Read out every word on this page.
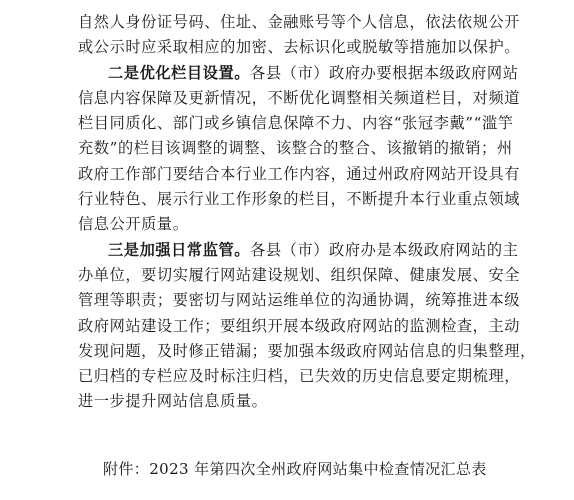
自然人身份证号码、住址、金融账号等个人信息，依法依规公开
或公示时应采取相应的加密、去标识化或脱敏等措施加以保护。
二是优化栏目设置。各县（市）政府办要根据本级政府网站
信息内容保障及更新情况，不断优化调整相关频道栏目，对频道
栏目同质化、部门或乡镇信息保障不力、内容“张冠李戴”“滥竽
充数”的栏目该调整的调整、该整合的整合、该撤销的撤销；州
政府工作部门要结合本行业工作内容，通过州政府网站开设具有
行业特色、展示行业工作形象的栏目，不断提升本行业重点领域
信息公开质量。
三是加强日常监管。各县（市）政府办是本级政府网站的主
办单位，要切实履行网站建设规划、组织保障、健康发展、安全
管理等职责；要密切与网站运维单位的沟通协调，统筹推进本级
政府网站建设工作；要组织开展本级政府网站的监测检查，主动
发现问题，及时修正错漏；要加强本级政府网站信息的归集整理，
已归档的专栏应及时标注归档，已失效的历史信息要定期梳理，
进一步提升网站信息质量。
附件：2023 年第四次全州政府网站集中检查情况汇总表
